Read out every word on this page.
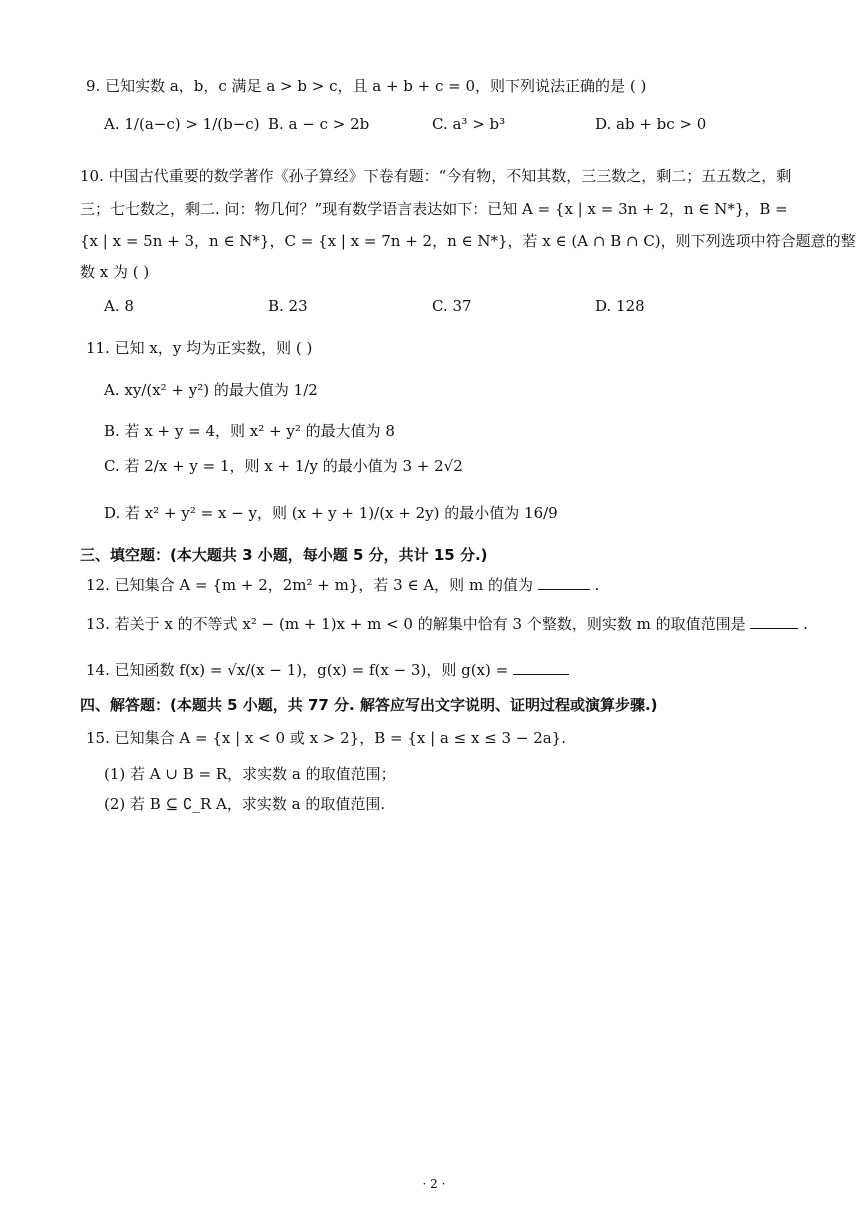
9. 已知实数 a，b，c 满足 a > b > c，且 a + b + c = 0，则下列说法正确的是 ( )
A. 1/(a−c) > 1/(b−c) B. a − c > 2b	C. a³ > b³	D. ab + bc > 0
10. 中国古代重要的数学著作《孙子算经》下卷有题：“今有物，不知其数，三三数之，剩二；五五数之，剩
三；七七数之，剩二. 问：物几何？”现有数学语言表达如下：已知 A = {x | x = 3n + 2，n ∈ N*}，B =
{x | x = 5n + 3，n ∈ N*}，C = {x | x = 7n + 2，n ∈ N*}，若 x ∈ (A ∩ B ∩ C)，则下列选项中符合题意的整
数 x 为 ( )
A. 8	B. 23	C. 37	D. 128
11. 已知 x，y 均为正实数，则 ( )
A. xy/(x² + y²) 的最大值为 1/2
B. 若 x + y = 4，则 x² + y² 的最大值为 8
C. 若 2/x + y = 1，则 x + 1/y 的最小值为 3 + 2√2
D. 若 x² + y² = x − y，则 (x + y + 1)/(x + 2y) 的最小值为 16/9
三、填空题：(本大题共 3 小题，每小题 5 分，共计 15 分.)
12. 已知集合 A = {m + 2，2m² + m}，若 3 ∈ A，则 m 的值为	.
13. 若关于 x 的不等式 x² − (m + 1)x + m < 0 的解集中恰有 3 个整数，则实数 m 的取值范围是	.
14. 已知函数 f(x) = √x/(x − 1)，g(x) = f(x − 3)，则 g(x) =
四、解答题：(本题共 5 小题，共 77 分. 解答应写出文字说明、证明过程或演算步骤.)
15. 已知集合 A = {x | x < 0 或 x > 2}，B = {x | a ≤ x ≤ 3 − 2a}.
(1) 若 A ∪ B = R，求实数 a 的取值范围；
(2) 若 B ⊆ ∁_R A，求实数 a 的取值范围.
· 2 ·
